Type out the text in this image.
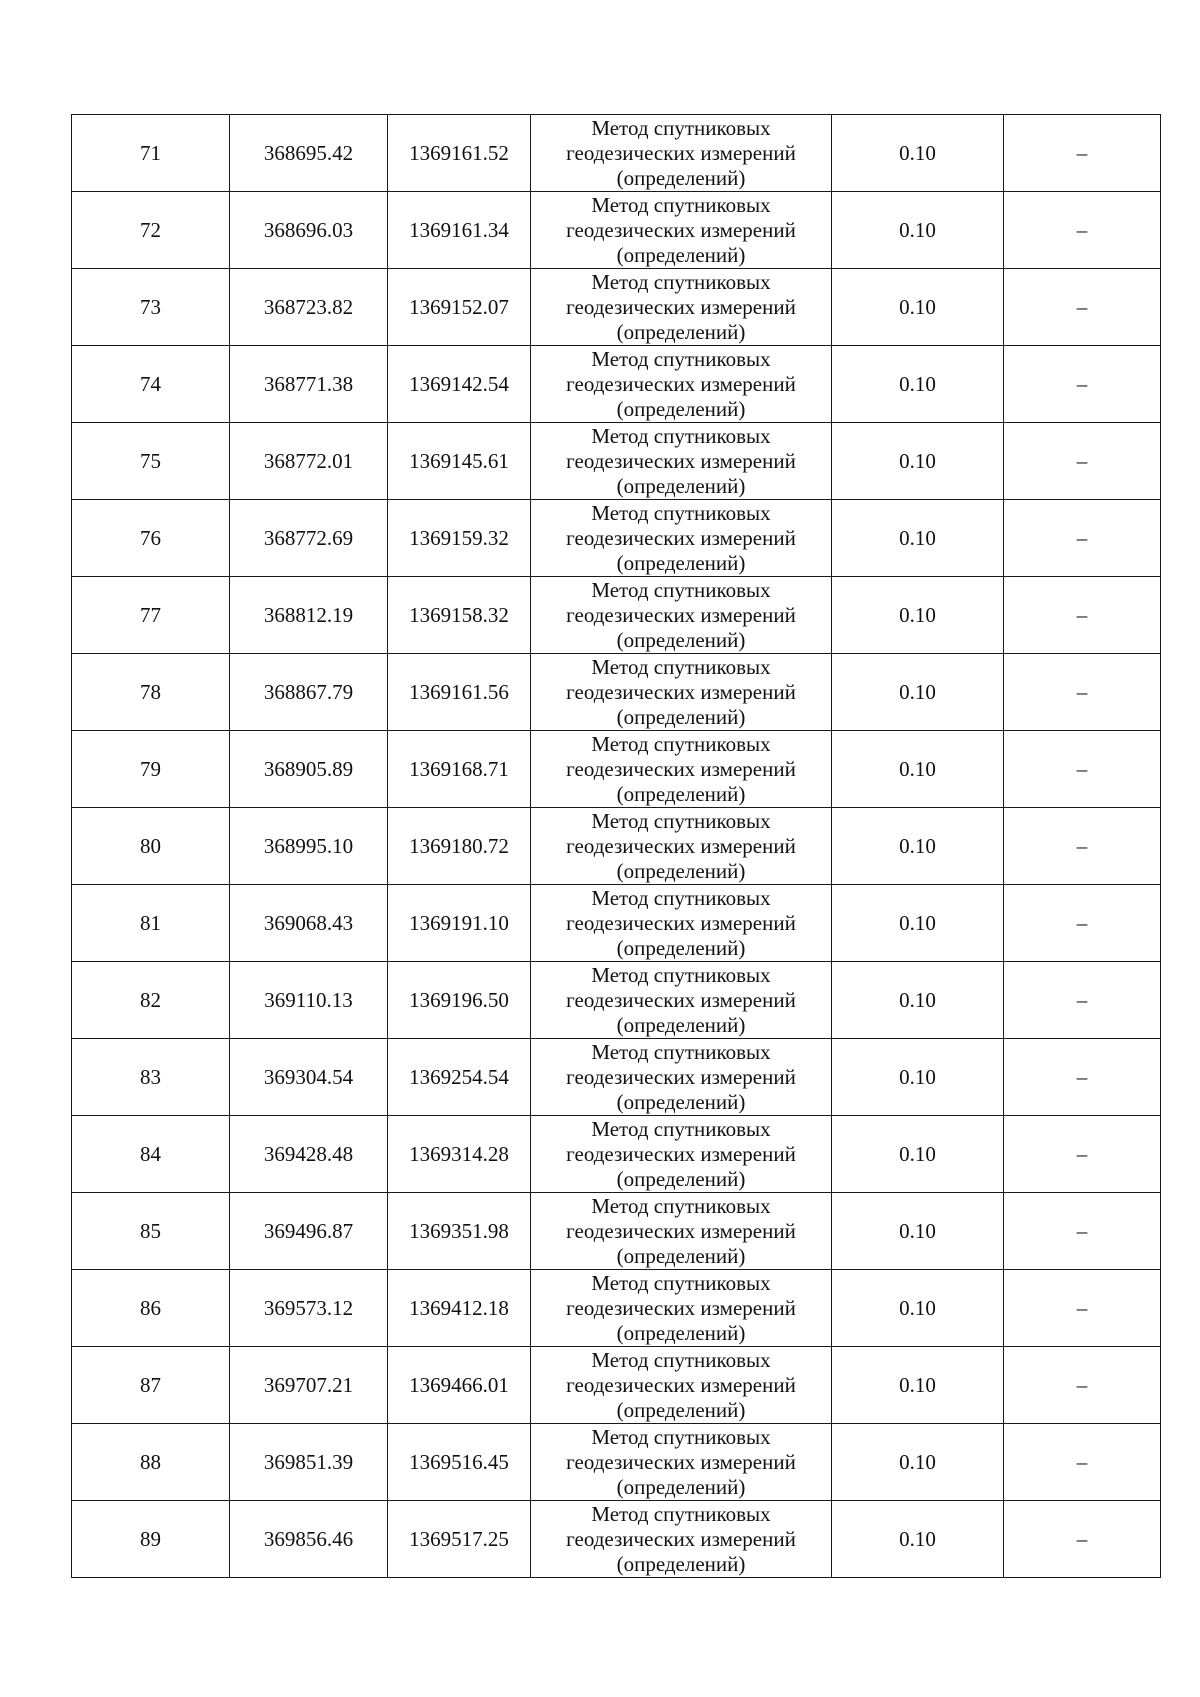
71	368695.42	1369161.52	Метод спутниковых
геодезических измерений
(определений)	0.10	–
72	368696.03	1369161.34	Метод спутниковых
геодезических измерений
(определений)	0.10	–
73	368723.82	1369152.07	Метод спутниковых
геодезических измерений
(определений)	0.10	–
74	368771.38	1369142.54	Метод спутниковых
геодезических измерений
(определений)	0.10	–
75	368772.01	1369145.61	Метод спутниковых
геодезических измерений
(определений)	0.10	–
76	368772.69	1369159.32	Метод спутниковых
геодезических измерений
(определений)	0.10	–
77	368812.19	1369158.32	Метод спутниковых
геодезических измерений
(определений)	0.10	–
78	368867.79	1369161.56	Метод спутниковых
геодезических измерений
(определений)	0.10	–
79	368905.89	1369168.71	Метод спутниковых
геодезических измерений
(определений)	0.10	–
80	368995.10	1369180.72	Метод спутниковых
геодезических измерений
(определений)	0.10	–
81	369068.43	1369191.10	Метод спутниковых
геодезических измерений
(определений)	0.10	–
82	369110.13	1369196.50	Метод спутниковых
геодезических измерений
(определений)	0.10	–
83	369304.54	1369254.54	Метод спутниковых
геодезических измерений
(определений)	0.10	–
84	369428.48	1369314.28	Метод спутниковых
геодезических измерений
(определений)	0.10	–
85	369496.87	1369351.98	Метод спутниковых
геодезических измерений
(определений)	0.10	–
86	369573.12	1369412.18	Метод спутниковых
геодезических измерений
(определений)	0.10	–
87	369707.21	1369466.01	Метод спутниковых
геодезических измерений
(определений)	0.10	–
88	369851.39	1369516.45	Метод спутниковых
геодезических измерений
(определений)	0.10	–
89	369856.46	1369517.25	Метод спутниковых
геодезических измерений
(определений)	0.10	–
